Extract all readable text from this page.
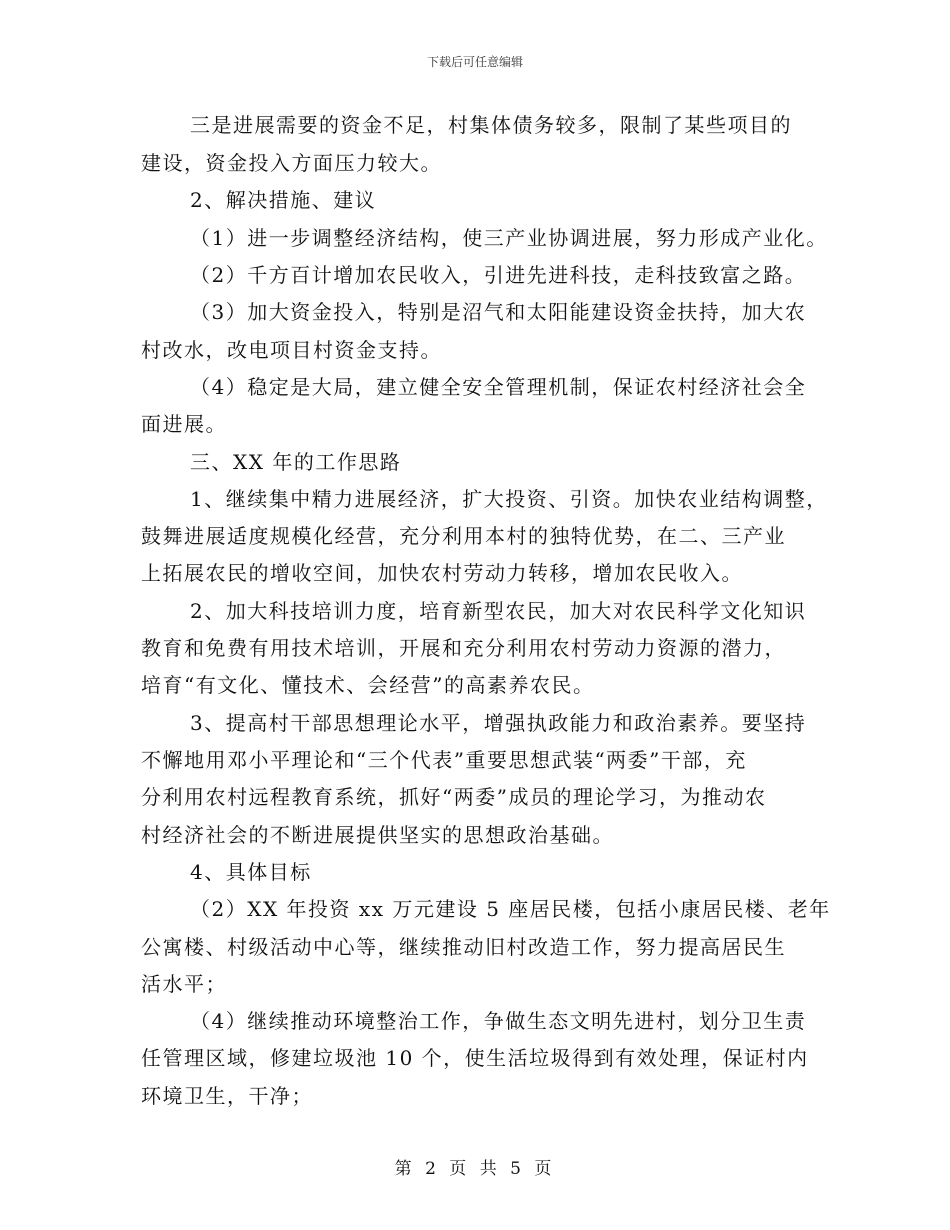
下载后可任意编辑
三是进展需要的资金不足，村集体债务较多，限制了某些项目的
建设，资金投入方面压力较大。
2、解决措施、建议
（1）进一步调整经济结构，使三产业协调进展，努力形成产业化。
（2）千方百计增加农民收入，引进先进科技，走科技致富之路。
（3）加大资金投入，特别是沼气和太阳能建设资金扶持，加大农
村改水，改电项目村资金支持。
（4）稳定是大局，建立健全安全管理机制，保证农村经济社会全
面进展。
三、XX 年的工作思路
1、继续集中精力进展经济，扩大投资、引资。加快农业结构调整，
鼓舞进展适度规模化经营，充分利用本村的独特优势，在二、三产业
上拓展农民的增收空间，加快农村劳动力转移，增加农民收入。
2、加大科技培训力度，培育新型农民，加大对农民科学文化知识
教育和免费有用技术培训，开展和充分利用农村劳动力资源的潜力，
培育“有文化、懂技术、会经营”的高素养农民。
3、提高村干部思想理论水平，增强执政能力和政治素养。要坚持
不懈地用邓小平理论和“三个代表”重要思想武装“两委”干部，充
分利用农村远程教育系统，抓好“两委”成员的理论学习，为推动农
村经济社会的不断进展提供坚实的思想政治基础。
4、具体目标
（2）XX 年投资 xx 万元建设 5 座居民楼，包括小康居民楼、老年
公寓楼、村级活动中心等，继续推动旧村改造工作，努力提高居民生
活水平；
（4）继续推动环境整治工作，争做生态文明先进村，划分卫生责
任管理区域，修建垃圾池 10 个，使生活垃圾得到有效处理，保证村内
环境卫生，干净；
第 2 页 共 5 页
